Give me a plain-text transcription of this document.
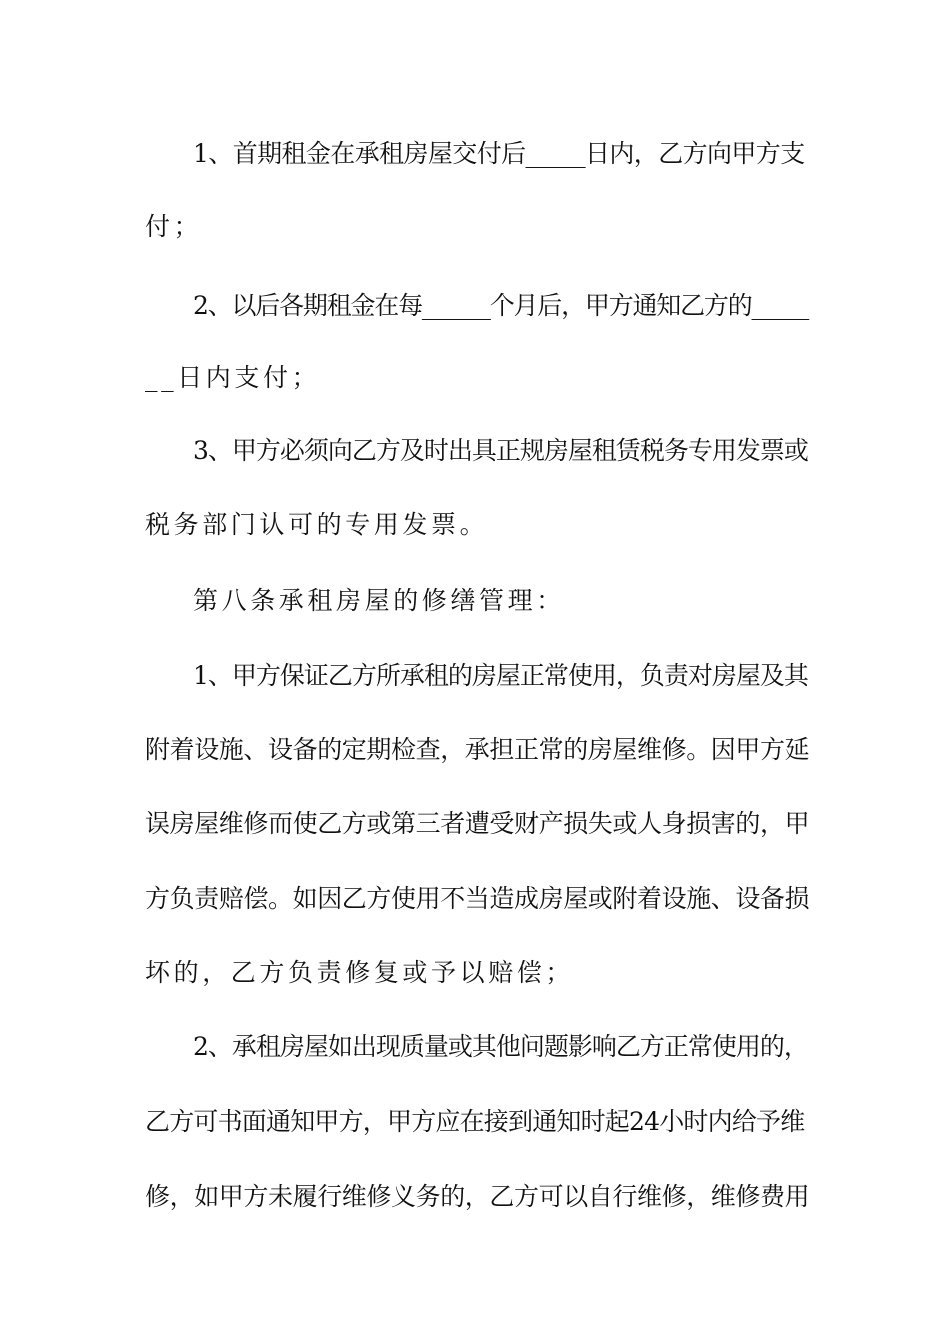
1、首期租金在承租房屋交付后_____日内，乙方向甲方支
付；
2、以后各期租金在每______个月后，甲方通知乙方的_____
__日内支付；
3、甲方必须向乙方及时出具正规房屋租赁税务专用发票或
税务部门认可的专用发票。
第八条承租房屋的修缮管理：
1、甲方保证乙方所承租的房屋正常使用，负责对房屋及其
附着设施、设备的定期检查，承担正常的房屋维修。因甲方延
误房屋维修而使乙方或第三者遭受财产损失或人身损害的，甲
方负责赔偿。如因乙方使用不当造成房屋或附着设施、设备损
坏的，乙方负责修复或予以赔偿；
2、承租房屋如出现质量或其他问题影响乙方正常使用的，
乙方可书面通知甲方，甲方应在接到通知时起24小时内给予维
修，如甲方未履行维修义务的，乙方可以自行维修，维修费用
